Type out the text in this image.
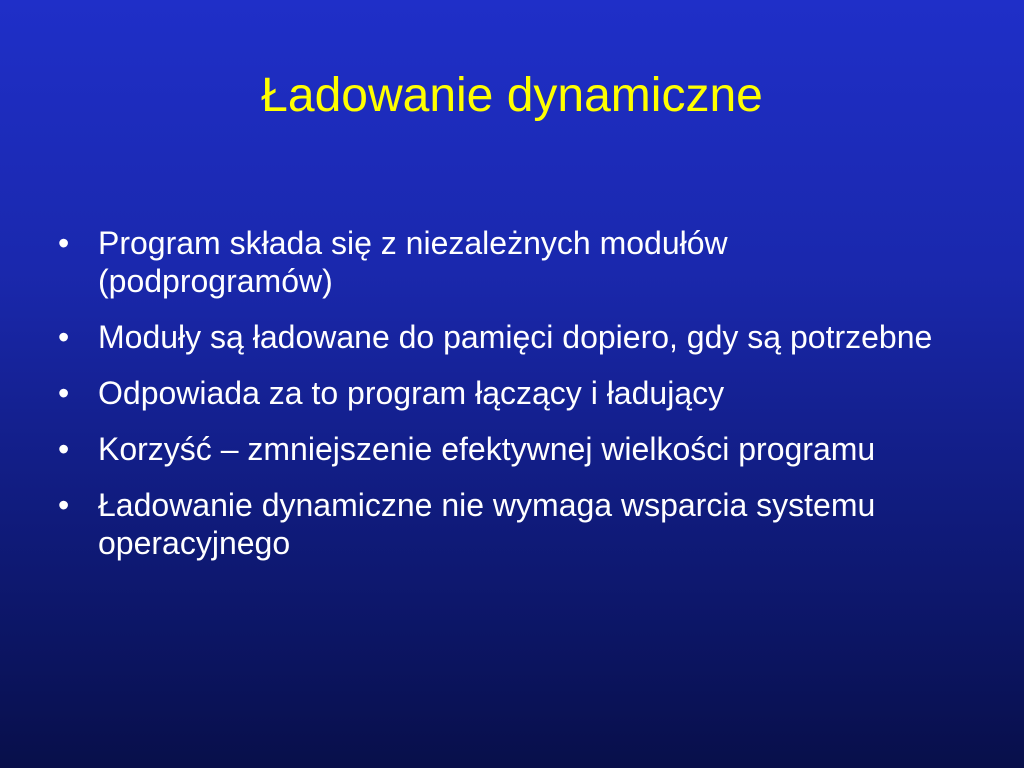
Ładowanie dynamiczne
• Program składa się z niezależnych modułów (podprogramów)
• Moduły są ładowane do pamięci dopiero, gdy są potrzebne
• Odpowiada za to program łączący i ładujący
• Korzyść – zmniejszenie efektywnej wielkości programu
• Ładowanie dynamiczne nie wymaga wsparcia systemu operacyjnego
